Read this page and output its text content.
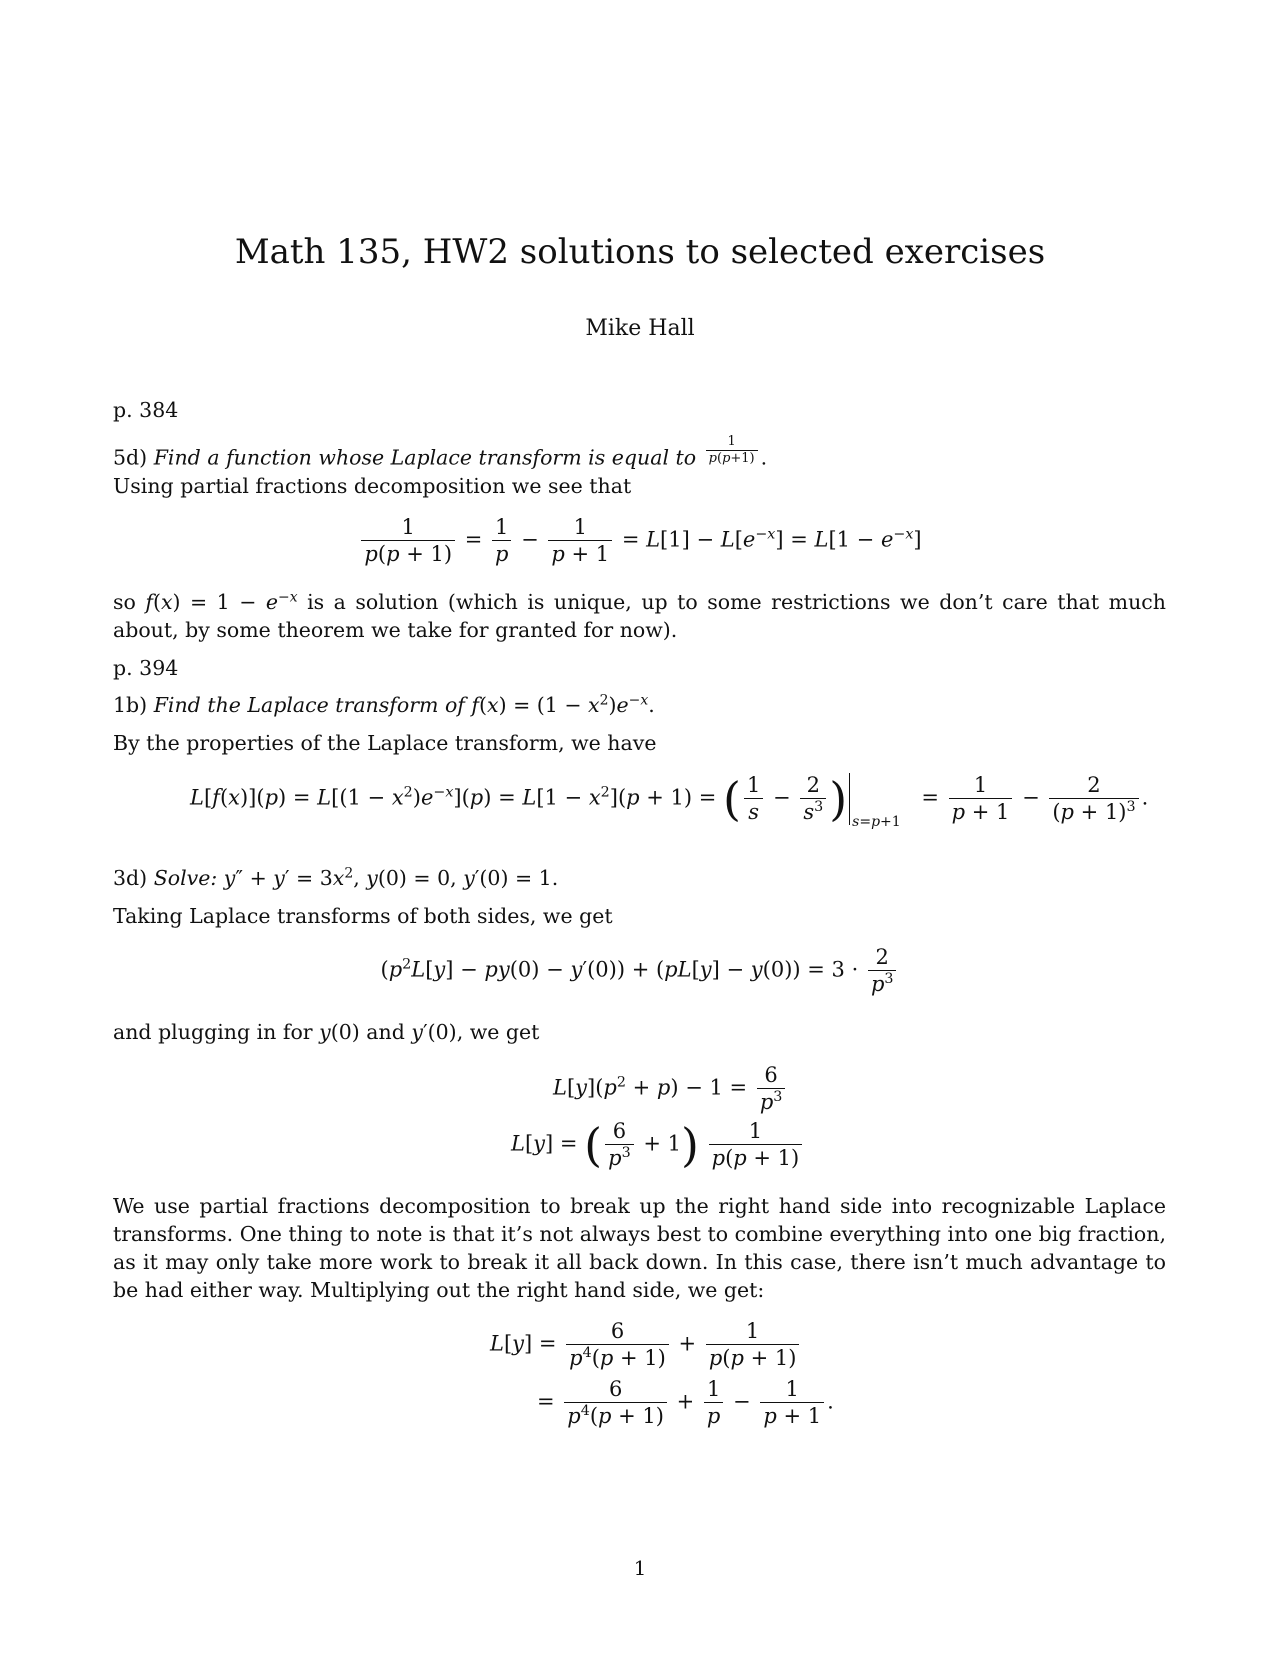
Math 135, HW2 solutions to selected exercises
Mike Hall
p. 384
5d) Find a function whose Laplace transform is equal to $\frac{1}{p(p+1)}$ .
Using partial fractions decomposition we see that
$\frac{1}{p(p + 1)} = \frac{1}{p} - \frac{1}{p + 1} = L[1] - L[e^{-x}] = L[1 - e^{-x}]$
so $f(x) = 1 - e^{-x}$ is a solution (which is unique, up to some restrictions we don’t care that much about, by some theorem we take for granted for now).
p. 394
1b) Find the Laplace transform of $f(x) = (1 - x^2)e^{-x}$.
By the properties of the Laplace transform, we have
$L[f(x)](p) = L[(1 - x^2)e^{-x}](p) = L[1 - x^2](p + 1)$ = ( $\frac{1}{s} - \frac{2}{s^3}$ ) $_{s=p+1} = \frac{1}{p + 1} - \frac{2}{(p + 1)^3}$ .
3d) Solve: $y'' + y' = 3x^2$, y(0) = 0, y′(0) = 1.
Taking Laplace transforms of both sides, we get
$(p^2L[y] - py(0) - y'(0)) + (pL[y] - y(0)) = 3 \cdot \frac{2}{p^3}$
and plugging in for y(0) and y′(0), we get
$L[y](p^2 + p) - 1 = \frac{6}{p^3}$
L[y] = ( $\frac{6}{p^3} + 1) \frac{1}{p(p + 1)}$
We use partial fractions decomposition to break up the right hand side into recognizable Laplace transforms. One thing to note is that it’s not always best to combine everything into one big fraction, as it may only take more work to break it all back down. In this case, there isn’t much advantage to be had either way. Multiplying out the right hand side, we get:
$L[y] = \frac{6}{p^4(p + 1)} + \frac{1}{p(p + 1)}$
= $\frac{6}{p^4(p + 1)} + \frac{1}{p} - \frac{1}{p + 1}$ .
1
